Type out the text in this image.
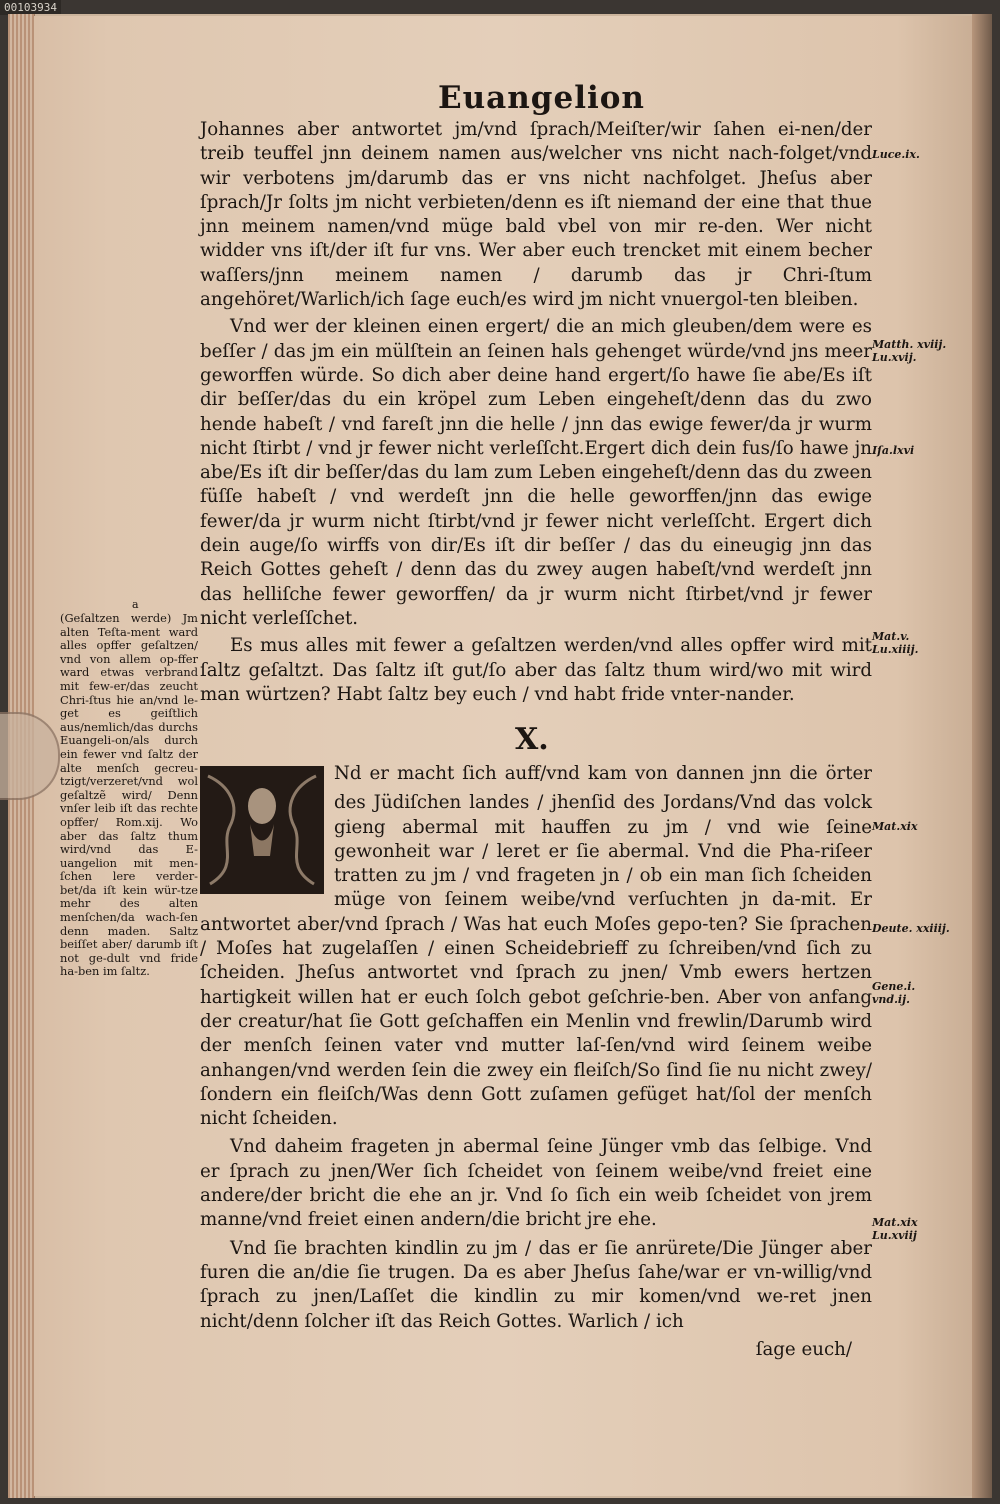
00103934
Euangelion

Johannes aber antwortet jm/vnd ſprach/Meiſter/wir ſahen ei-nen/der treib teuffel jnn deinem namen aus/welcher vns nicht nach-folget/vnd wir verbotens jm/darumb das er vns nicht nachfolget. Jheſus aber ſprach/Jr ſolts jm nicht verbieten/denn es iſt niemand der eine that thue jnn meinem namen/vnd müge bald vbel von mir re-den. Wer nicht widder vns iſt/der iſt fur vns. Wer aber euch trencket mit einem becher waſſers/jnn meinem namen / darumb das jr Chri-ſtum angehöret/Warlich/ich ſage euch/es wird jm nicht vnuergol-ten bleiben.

Vnd wer der kleinen einen ergert/ die an mich gleuben/dem were es beſſer / das jm ein mülſtein an ſeinen hals gehenget würde/vnd jns meer geworffen würde. So dich aber deine hand ergert/ſo hawe ſie abe/Es iſt dir beſſer/das du ein kröpel zum Leben eingeheſt/denn das du zwo hende habeſt / vnd fareſt jnn die helle / jnn das ewige fewer/da jr wurm nicht ſtirbt / vnd jr fewer nicht verleſſcht.Ergert dich dein fus/ſo hawe jn abe/Es iſt dir beſſer/das du lam zum Leben eingeheſt/denn das du zween füſſe habeſt / vnd werdeſt jnn die helle geworffen/jnn das ewige fewer/da jr wurm nicht ſtirbt/vnd jr fewer nicht verleſſcht. Ergert dich dein auge/ſo wirffs von dir/Es iſt dir beſſer / das du eineugig jnn das Reich Gottes geheſt / denn das du zwey augen habeſt/vnd werdeſt jnn das helliſche fewer geworffen/ da jr wurm nicht ſtirbet/vnd jr fewer nicht verleſſchet.

Es mus alles mit fewer a geſaltzen werden/vnd alles opffer wird mit ſaltz geſaltzt. Das ſaltz iſt gut/ſo aber das ſaltz thum wird/wo mit wird man würtzen? Habt ſaltz bey euch / vnd habt fride vnter-nander.

X.

Nd er macht ſich auff/vnd kam von dannen jnn die örter des Jüdiſchen landes / jhenſid des Jordans/Vnd das volck gieng abermal mit hauffen zu jm / vnd wie ſeine gewonheit war / leret er ſie abermal. Vnd die Pha-riſeer tratten zu jm / vnd frageten jn / ob ein man ſich ſcheiden müge von ſeinem weibe/vnd verſuchten jn da-mit. Er antwortet aber/vnd ſprach / Was hat euch Moſes gepo-ten? Sie ſprachen / Moſes hat zugelaſſen / einen Scheidebrieff zu ſchreiben/vnd ſich zu ſcheiden. Jheſus antwortet vnd ſprach zu jnen/ Vmb ewers hertzen hartigkeit willen hat er euch ſolch gebot geſchrie-ben. Aber von anfang der creatur/hat ſie Gott geſchaffen ein Menlin vnd frewlin/Darumb wird der menſch ſeinen vater vnd mutter laſ-ſen/vnd wird ſeinem weibe anhangen/vnd werden ſein die zwey ein fleiſch/So ſind ſie nu nicht zwey/ſondern ein fleiſch/Was denn Gott zuſamen gefüget hat/ſol der menſch nicht ſcheiden.

Vnd daheim frageten jn abermal ſeine Jünger vmb das ſelbige. Vnd er ſprach zu jnen/Wer ſich ſcheidet von ſeinem weibe/vnd freiet eine andere/der bricht die ehe an jr. Vnd ſo ſich ein weib ſcheidet von jrem manne/vnd freiet einen andern/die bricht jre ehe.

Vnd ſie brachten kindlin zu jm / das er ſie anrürete/Die Jünger aber furen die an/die ſie trugen. Da es aber Jheſus ſahe/war er vn-willig/vnd ſprach zu jnen/Laſſet die kindlin zu mir komen/vnd we-ret jnen nicht/denn ſolcher iſt das Reich Gottes. Warlich / ich

ſage euch/

a
(Geſaltzen werde) Jm alten Teſta-ment ward alles opffer geſaltzen/ vnd von allem op-ffer ward etwas verbrand mit few-er/das zeucht Chri-ſtus hie an/vnd le-get es geiſtlich aus/nemlich/das durchs Euangeli-on/als durch ein fewer vnd ſaltz der alte menſch gecreu-tzigt/verzeret/vnd wol geſaltzẽ wird/ Denn vnſer leib iſt das rechte opffer/ Rom.xij. Wo aber das ſaltz thum wird/vnd das E-uangelion mit men-ſchen lere verder-bet/da iſt kein wür-tze mehr des alten menſchen/da wach-ſen denn maden. Saltz beiſſet aber/ darumb iſt not ge-dult vnd fride ha-ben im ſaltz.
Luce.ix.
Matth. xviij. Lu.xvij.
Iſa.lxvi
Mat.v. Lu.xiiij.
Mat.xix
Deute. xxiiij.
Gene.i. vnd.ij.
Mat.xix Lu.xviij
